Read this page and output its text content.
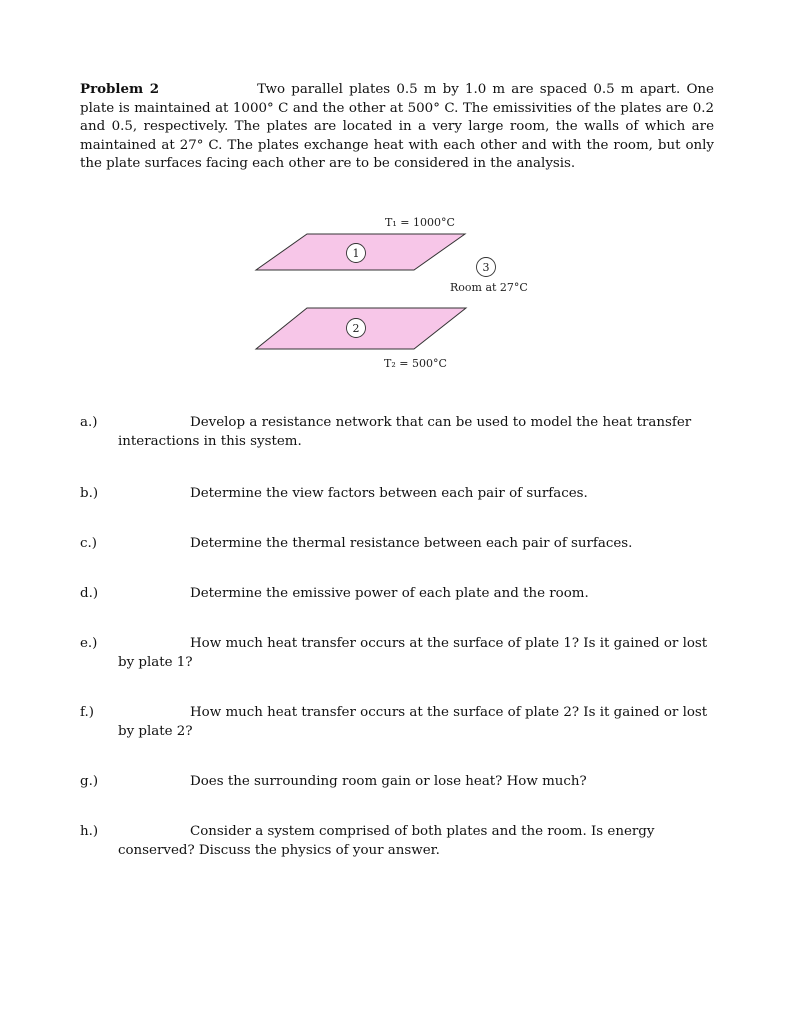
Problem 2	Two parallel plates 0.5 m by 1.0 m are spaced 0.5 m apart. One plate is maintained at 1000° C and the other at 500° C. The emissivities of the plates are 0.2 and 0.5, respectively. The plates are located in a very large room, the walls of which are maintained at 27° C. The plates exchange heat with each other and with the room, but only the plate surfaces facing each other are to be considered in the analysis.
T₁ = 1000°C
1
3
Room at 27°C
2
T₂ = 500°C
a.)	Develop a resistance network that can be used to model the heat transfer interactions in this system.
b.)	Determine the view factors between each pair of surfaces.
c.)	Determine the thermal resistance between each pair of surfaces.
d.)	Determine the emissive power of each plate and the room.
e.)	How much heat transfer occurs at the surface of plate 1? Is it gained or lost by plate 1?
f.)	How much heat transfer occurs at the surface of plate 2? Is it gained or lost by plate 2?
g.)	Does the surrounding room gain or lose heat? How much?
h.)	Consider a system comprised of both plates and the room. Is energy conserved? Discuss the physics of your answer.
